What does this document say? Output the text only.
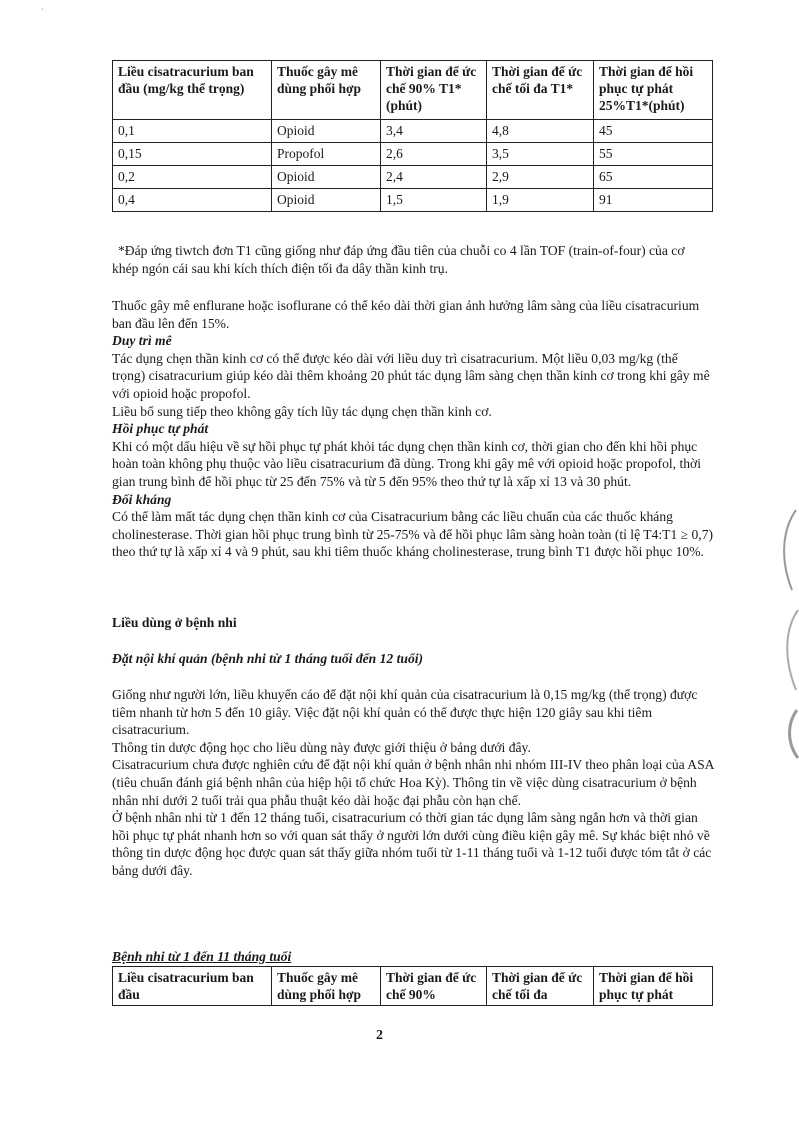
˙
Liều cisatracurium ban đầu (mg/kg thể trọng)	Thuốc gây mê dùng phối hợp	Thời gian để ức chế 90% T1* (phút)	Thời gian để ức chế tối đa T1*	Thời gian để hồi phục tự phát 25%T1*(phút)
0,1	Opioid	3,4	4,8	45
0,15	Propofol	2,6	3,5	55
0,2	Opioid	2,4	2,9	65
0,4	Opioid	1,5	1,9	91

*Đáp ứng tiwtch đơn T1 cũng giống như đáp ứng đầu tiên của chuỗi co 4 lần TOF (train-of-four) của cơ khép ngón cái sau khi kích thích điện tối đa dây thần kinh trụ.

Thuốc gây mê enflurane hoặc isoflurane có thể kéo dài thời gian ảnh hưởng lâm sàng của liều cisatracurium ban đầu lên đến 15%.

Duy trì mê

Tác dụng chẹn thần kinh cơ có thể được kéo dài với liều duy trì cisatracurium. Một liều 0,03 mg/kg (thể trọng) cisatracurium giúp kéo dài thêm khoảng 20 phút tác dụng lâm sàng chẹn thần kinh cơ trong khi gây mê với opioid hoặc propofol.

Liều bổ sung tiếp theo không gây tích lũy tác dụng chẹn thần kinh cơ.

Hồi phục tự phát

Khi có một dấu hiệu về sự hồi phục tự phát khỏi tác dụng chẹn thần kinh cơ, thời gian cho đến khi hồi phục hoàn toàn không phụ thuộc vào liều cisatracurium đã dùng. Trong khi gây mê với opioid hoặc propofol, thời gian trung bình để hồi phục từ 25 đến 75% và từ 5 đến 95% theo thứ tự là xấp xỉ 13 và 30 phút.

Đối kháng

Có thể làm mất tác dụng chẹn thần kinh cơ của Cisatracurium bằng các liều chuẩn của các thuốc kháng cholinesterase. Thời gian hồi phục trung bình từ 25-75% và để hồi phục lâm sàng hoàn toàn (tỉ lệ T4:T1 ≥ 0,7) theo thứ tự là xấp xỉ 4 và 9 phút, sau khi tiêm thuốc kháng cholinesterase, trung bình T1 được hồi phục 10%.

Liều dùng ở bệnh nhi

Đặt nội khí quản (bệnh nhi từ 1 tháng tuổi đến 12 tuổi)

Giống như người lớn, liều khuyến cáo để đặt nội khí quản của cisatracurium là 0,15 mg/kg (thể trọng) được tiêm nhanh từ hơn 5 đến 10 giây. Việc đặt nội khí quản có thể được thực hiện 120 giây sau khi tiêm cisatracurium.

Thông tin dược động học cho liều dùng này được giới thiệu ở bảng dưới đây.

Cisatracurium chưa được nghiên cứu để đặt nội khí quản ở bệnh nhân nhi nhóm III-IV theo phân loại của ASA (tiêu chuẩn đánh giá bệnh nhân của hiệp hội tổ chức Hoa Kỳ). Thông tin về việc dùng cisatracurium ở bệnh nhân nhi dưới 2 tuổi trải qua phẫu thuật kéo dài hoặc đại phẫu còn hạn chế.

Ở bệnh nhân nhi từ 1 đến 12 tháng tuổi, cisatracurium có thời gian tác dụng lâm sàng ngắn hơn và thời gian hồi phục tự phát nhanh hơn so với quan sát thấy ở người lớn dưới cùng điều kiện gây mê. Sự khác biệt nhỏ về thông tin dược động học được quan sát thấy giữa nhóm tuổi từ 1-11 tháng tuổi và 1-12 tuổi được tóm tắt ở các bảng dưới đây.

Bệnh nhi từ 1 đến 11 tháng tuổi

Liều cisatracurium ban đầu	Thuốc gây mê dùng phối hợp	Thời gian để ức chế 90%	Thời gian để ức chế tối đa	Thời gian để hồi phục tự phát
2
